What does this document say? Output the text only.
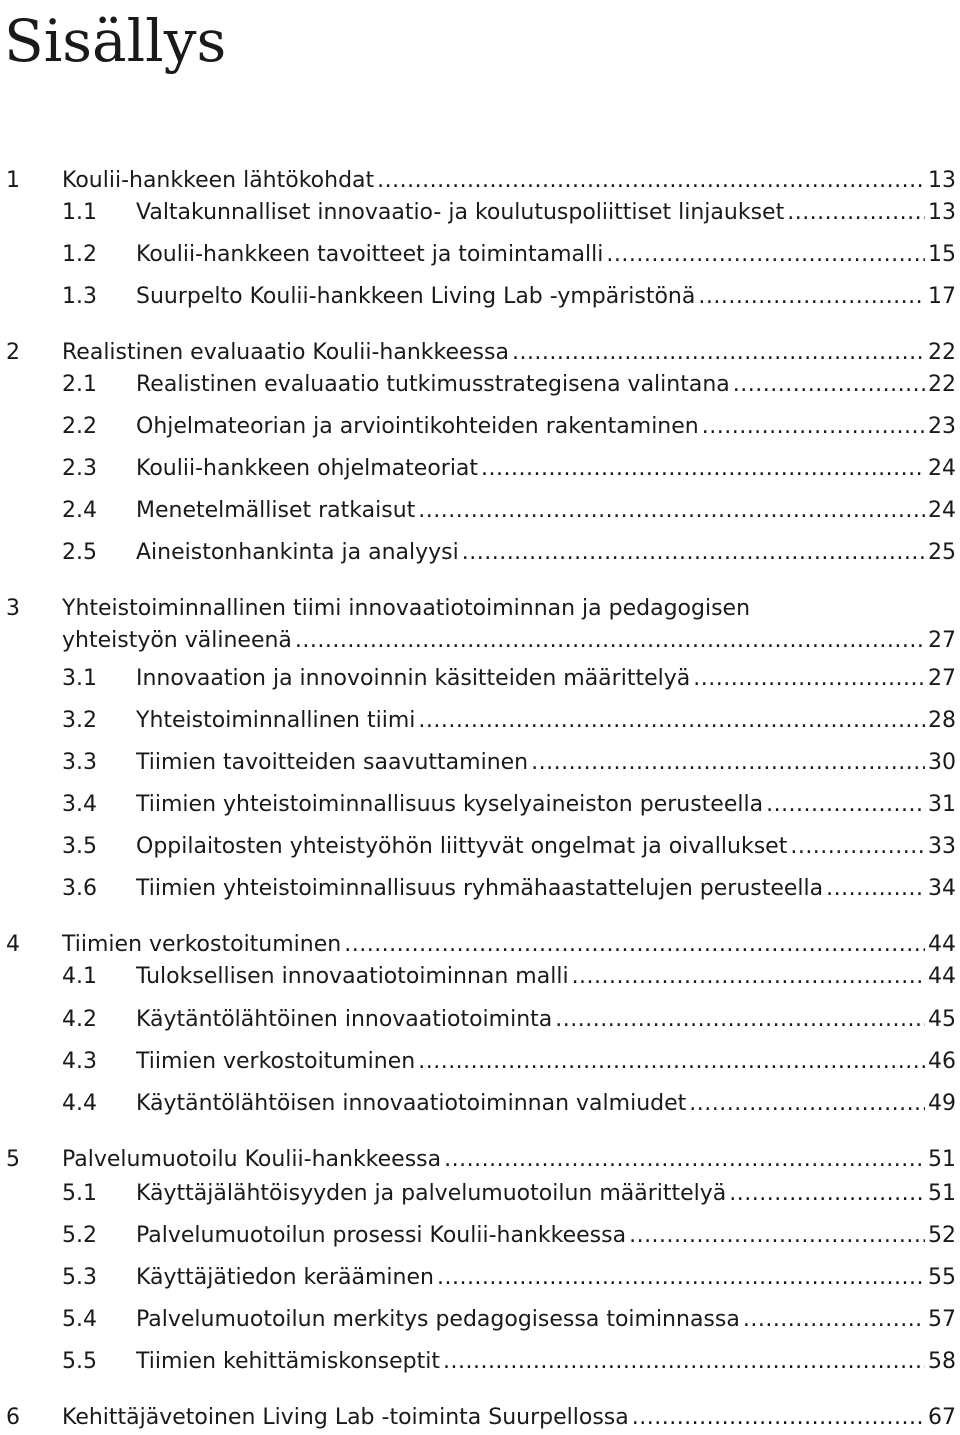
Sisällys
1 Koulii-hankkeen lähtökohdat .....	13
1.1 Valtakunnalliset innovaatio- ja koulutuspoliittiset linjaukset .....	13
1.2 Koulii-hankkeen tavoitteet ja toimintamalli .....	15
1.3 Suurpelto Koulii-hankkeen Living Lab -ympäristönä .....	17
2 Realistinen evaluaatio Koulii-hankkeessa .....	22
2.1 Realistinen evaluaatio tutkimusstrategisena valintana .....	22
2.2 Ohjelmateorian ja arviointikohteiden rakentaminen .....	23
2.3 Koulii-hankkeen ohjelmateoriat .....	24
2.4 Menetelmälliset ratkaisut .....	24
2.5 Aineistonhankinta ja analyysi .....	25
3 Yhteistoiminnallinen tiimi innovaatiotoiminnan ja pedagogisen
yhteistyön välineenä .....	27
3.1 Innovaation ja innovoinnin käsitteiden määrittelyä .....	27
3.2 Yhteistoiminnallinen tiimi .....	28
3.3 Tiimien tavoitteiden saavuttaminen .....	30
3.4 Tiimien yhteistoiminnallisuus kyselyaineiston perusteella .....	31
3.5 Oppilaitosten yhteistyöhön liittyvät ongelmat ja oivallukset .....	33
3.6 Tiimien yhteistoiminnallisuus ryhmähaastattelujen perusteella .....	34
4 Tiimien verkostoituminen .....	44
4.1 Tuloksellisen innovaatiotoiminnan malli .....	44
4.2 Käytäntölähtöinen innovaatiotoiminta .....	45
4.3 Tiimien verkostoituminen .....	46
4.4 Käytäntölähtöisen innovaatiotoiminnan valmiudet .....	49
5 Palvelumuotoilu Koulii-hankkeessa .....	51
5.1 Käyttäjälähtöisyyden ja palvelumuotoilun määrittelyä .....	51
5.2 Palvelumuotoilun prosessi Koulii-hankkeessa .....	52
5.3 Käyttäjätiedon kerääminen .....	55
5.4 Palvelumuotoilun merkitys pedagogisessa toiminnassa .....	57
5.5 Tiimien kehittämiskonseptit .....	58
6 Kehittäjävetoinen Living Lab -toiminta Suurpellossa .....	67
